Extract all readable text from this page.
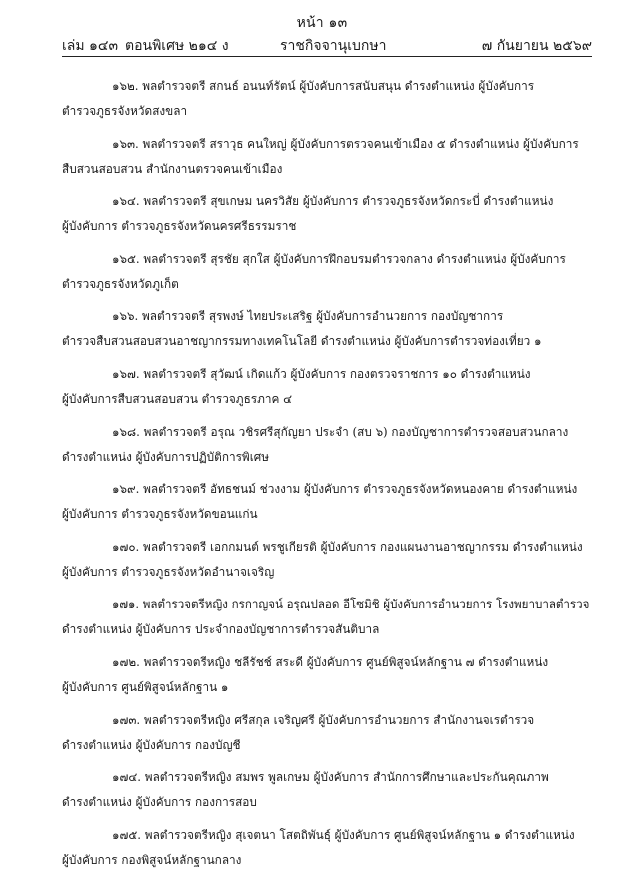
หน้า ๑๓
เล่ม ๑๔๓ ตอนพิเศษ ๒๑๔ ง	ราชกิจจานุเบกษา	๗ กันยายน ๒๕๖๙
๑๖๒. พลตำรวจตรี สกนธ์ อนนท์รัตน์ ผู้บังคับการสนับสนุน ดำรงตำแหน่ง ผู้บังคับการ
ตำรวจภูธรจังหวัดสงขลา
๑๖๓. พลตำรวจตรี สราวุธ คนใหญ่ ผู้บังคับการตรวจคนเข้าเมือง ๕ ดำรงตำแหน่ง ผู้บังคับการ
สืบสวนสอบสวน สำนักงานตรวจคนเข้าเมือง
๑๖๔. พลตำรวจตรี สุขเกษม นครวิสัย ผู้บังคับการ ตำรวจภูธรจังหวัดกระบี่ ดำรงตำแหน่ง
ผู้บังคับการ ตำรวจภูธรจังหวัดนครศรีธรรมราช
๑๖๕. พลตำรวจตรี สุรชัย สุกใส ผู้บังคับการฝึกอบรมตำรวจกลาง ดำรงตำแหน่ง ผู้บังคับการ
ตำรวจภูธรจังหวัดภูเก็ต
๑๖๖. พลตำรวจตรี สุรพงษ์ ไทยประเสริฐ ผู้บังคับการอำนวยการ กองบัญชาการ
ตำรวจสืบสวนสอบสวนอาชญากรรมทางเทคโนโลยี ดำรงตำแหน่ง ผู้บังคับการตำรวจท่องเที่ยว ๑
๑๖๗. พลตำรวจตรี สุวัฒน์ เกิดแก้ว ผู้บังคับการ กองตรวจราชการ ๑๐ ดำรงตำแหน่ง
ผู้บังคับการสืบสวนสอบสวน ตำรวจภูธรภาค ๔
๑๖๘. พลตำรวจตรี อรุณ วชิรศรีสุกัญยา ประจำ (สบ ๖) กองบัญชาการตำรวจสอบสวนกลาง
ดำรงตำแหน่ง ผู้บังคับการปฏิบัติการพิเศษ
๑๖๙. พลตำรวจตรี อัทธชนม์ ช่วงงาม ผู้บังคับการ ตำรวจภูธรจังหวัดหนองคาย ดำรงตำแหน่ง
ผู้บังคับการ ตำรวจภูธรจังหวัดขอนแก่น
๑๗๐. พลตำรวจตรี เอกกมนต์ พรชูเกียรติ ผู้บังคับการ กองแผนงานอาชญากรรม ดำรงตำแหน่ง
ผู้บังคับการ ตำรวจภูธรจังหวัดอำนาจเจริญ
๑๗๑. พลตำรวจตรีหญิง กรกาญจน์ อรุณปลอด อีโซมิชิ ผู้บังคับการอำนวยการ โรงพยาบาลตำรวจ
ดำรงตำแหน่ง ผู้บังคับการ ประจำกองบัญชาการตำรวจสันติบาล
๑๗๒. พลตำรวจตรีหญิง ชลีรัชช์ สระดี ผู้บังคับการ ศูนย์พิสูจน์หลักฐาน ๗ ดำรงตำแหน่ง
ผู้บังคับการ ศูนย์พิสูจน์หลักฐาน ๑
๑๗๓. พลตำรวจตรีหญิง ศรีสกุล เจริญศรี ผู้บังคับการอำนวยการ สำนักงานจเรตำรวจ
ดำรงตำแหน่ง ผู้บังคับการ กองบัญชี
๑๗๔. พลตำรวจตรีหญิง สมพร พูลเกษม ผู้บังคับการ สำนักการศึกษาและประกันคุณภาพ
ดำรงตำแหน่ง ผู้บังคับการ กองการสอบ
๑๗๕. พลตำรวจตรีหญิง สุเจตนา โสตถิพันธุ์ ผู้บังคับการ ศูนย์พิสูจน์หลักฐาน ๑ ดำรงตำแหน่ง
ผู้บังคับการ กองพิสูจน์หลักฐานกลาง
